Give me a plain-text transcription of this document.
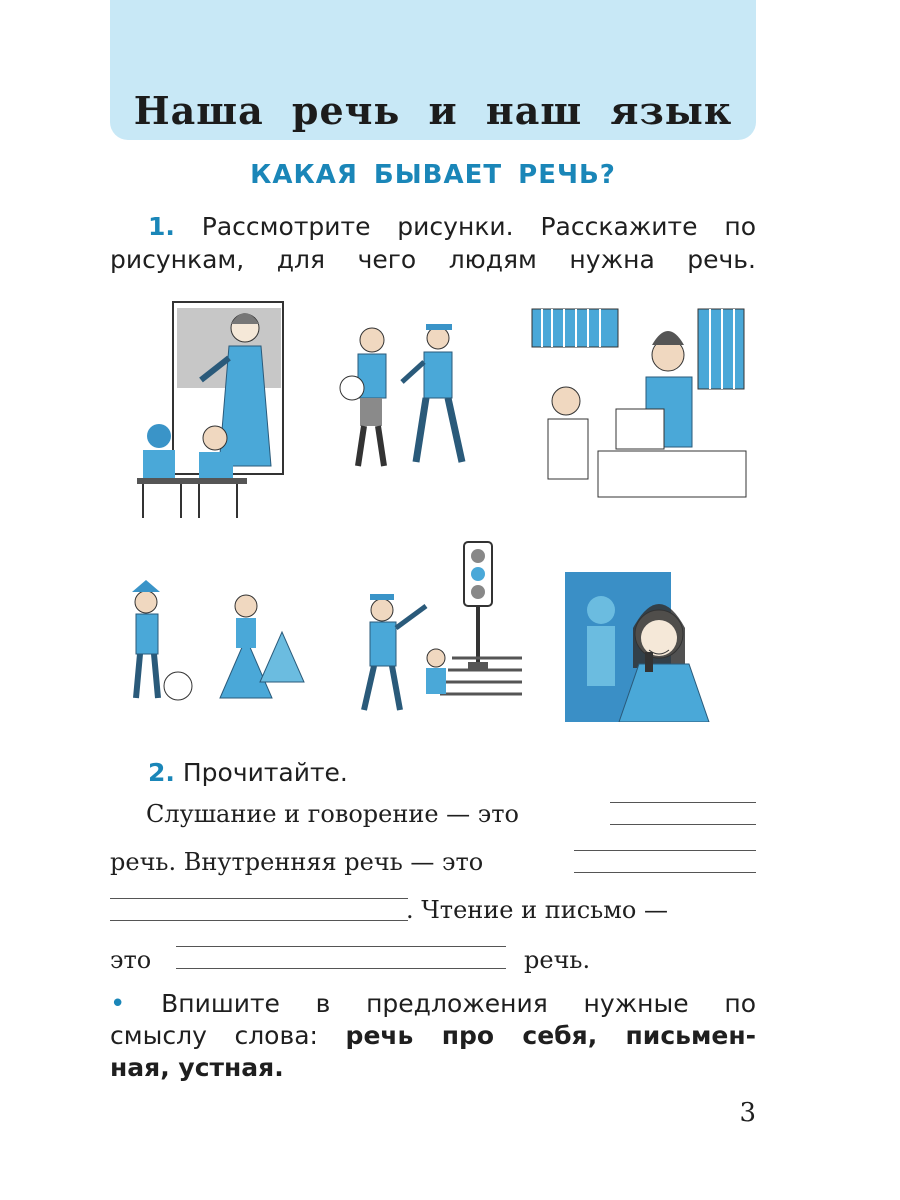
Наша речь и наш язык
КАКАЯ БЫВАЕТ РЕЧЬ?

1. Рассмотрите рисунки. Расскажите по
рисункам, для чего людям нужна речь.

2. Прочитайте.

Слушание и говорение — это
речь. Внутренняя речь — это
. Чтение и письмо —
это	речь.

• Впишите в предложения нужные по
смыслу слова: речь про себя, письмен-
ная, устная.

3
